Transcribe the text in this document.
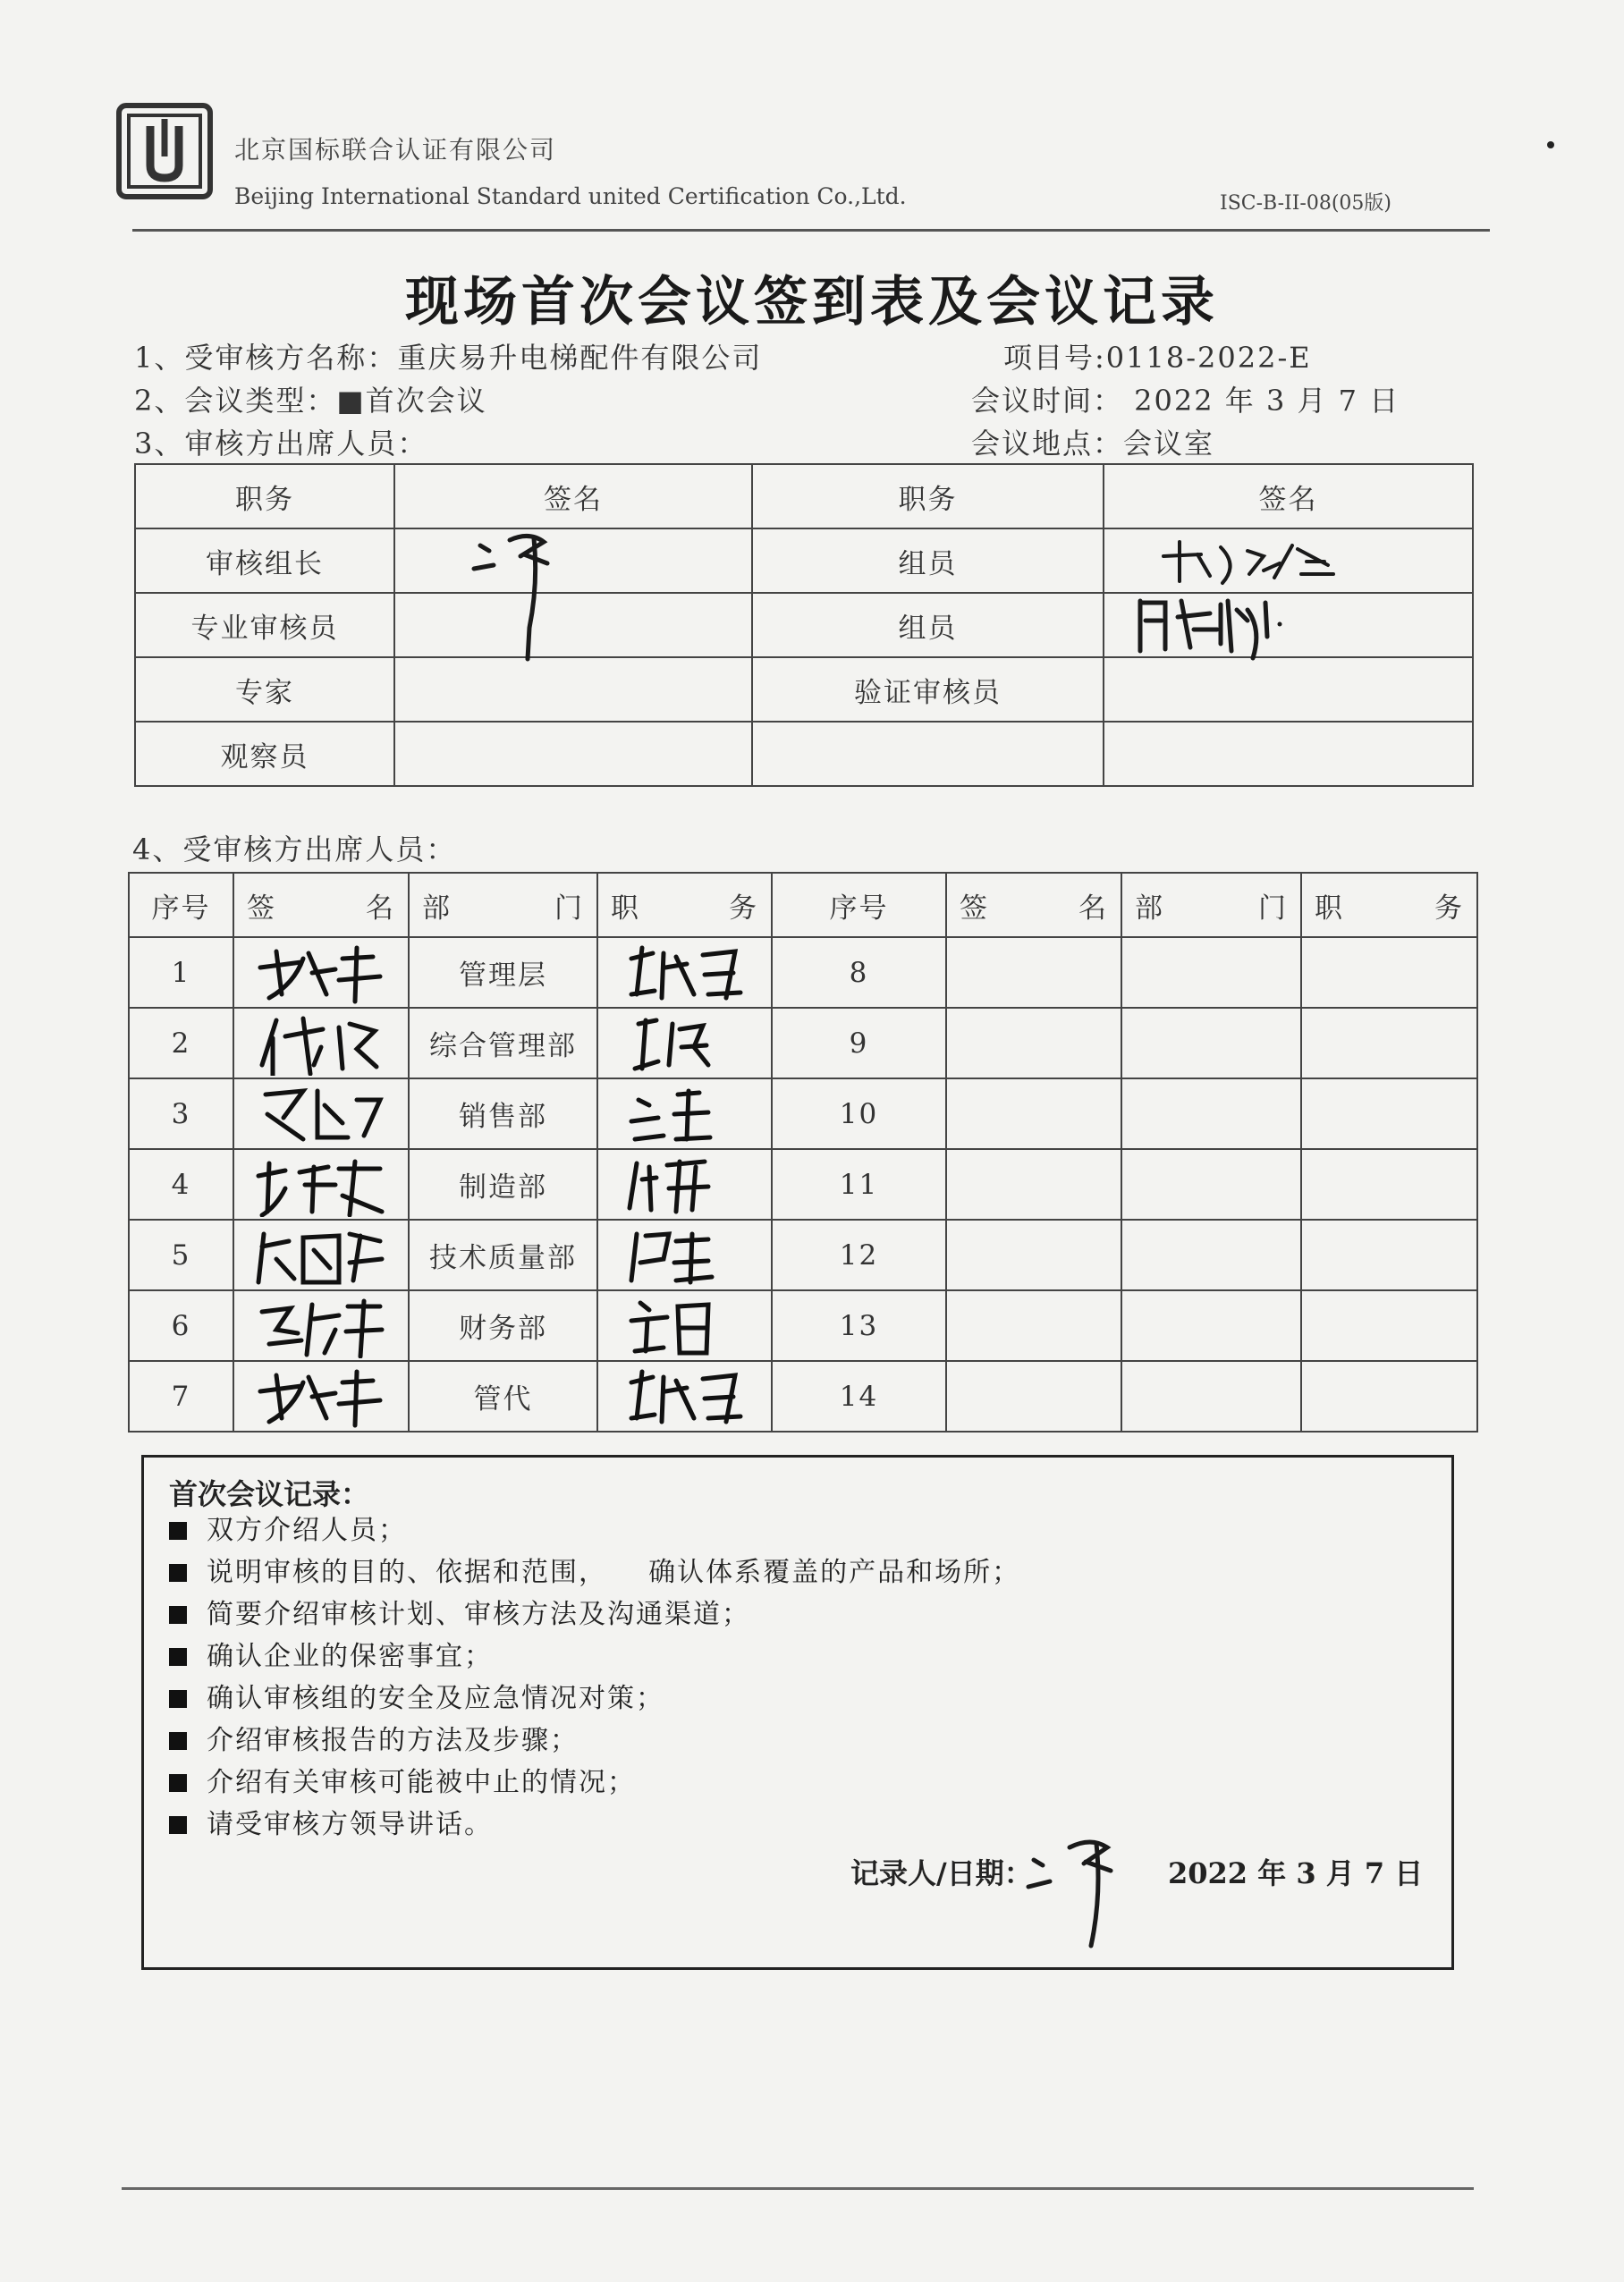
北京国标联合认证有限公司
Beijing International Standard united Certification Co.,Ltd.	ISC-B-II-08(05版)
现场首次会议签到表及会议记录
1、受审核方名称：重庆易升电梯配件有限公司	项目号:0118-2022-E
2、会议类型：■首次会议	会议时间： 2022 年 3 月 7 日
3、审核方出席人员：	会议地点：会议室
职务	签名	职务	签名
审核组长		组员	

专业审核员		组员	

专家		验证审核员	
观察员			
4、受审核方出席人员：
序号	签 名	部 门	职 务	序号	签 名	部 门	职 务

1		管理层		8			
2		综合管理部		9			
3		销售部		10			
4		制造部		11			
5		技术质量部		12			
6		财务部		13			
7		管代		14			
首次会议记录：
双方介绍人员；
说明审核的目的、依据和范围，    确认体系覆盖的产品和场所；
简要介绍审核计划、审核方法及沟通渠道；
确认企业的保密事宜；
确认审核组的安全及应急情况对策；
介绍审核报告的方法及步骤；
介绍有关审核可能被中止的情况；
请受审核方领导讲话。
记录人/日期：	2022 年 3 月 7 日
